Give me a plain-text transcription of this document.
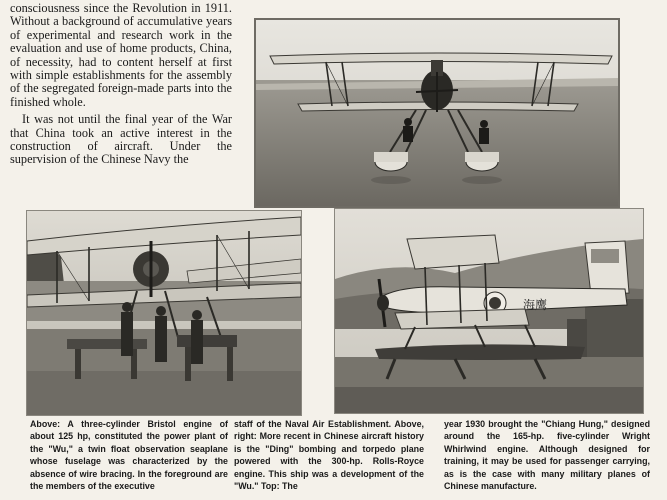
consciousness since the Revolution in 1911. Without a background of accumulative years of experimental and research work in the evaluation and use of home products, China, of necessity, had to content herself at first with simple establishments for the assembly of the segregated foreign-made parts into the finished whole.

It was not until the final year of the War that China took an active interest in the construction of aircraft. Under the supervision of the Chinese Navy the

海鹰
Above: A three-cylinder Bristol engine of about 125 hp, constituted the power plant of the "Wu," a twin float observation seaplane whose fuselage was characterized by the absence of wire bracing. In the foreground are the members of the executive
staff of the Naval Air Establishment. Above, right: More recent in Chinese aircraft history is the "Ding" bombing and torpedo plane powered with the 300-hp. Rolls-Royce engine. This ship was a development of the "Wu." Top: The
year 1930 brought the "Chiang Hung," designed around the 165-hp. five-cylinder Wright Whirlwind engine. Although designed for training, it may be used for passenger carrying, as is the case with many military planes of Chinese manufacture.
